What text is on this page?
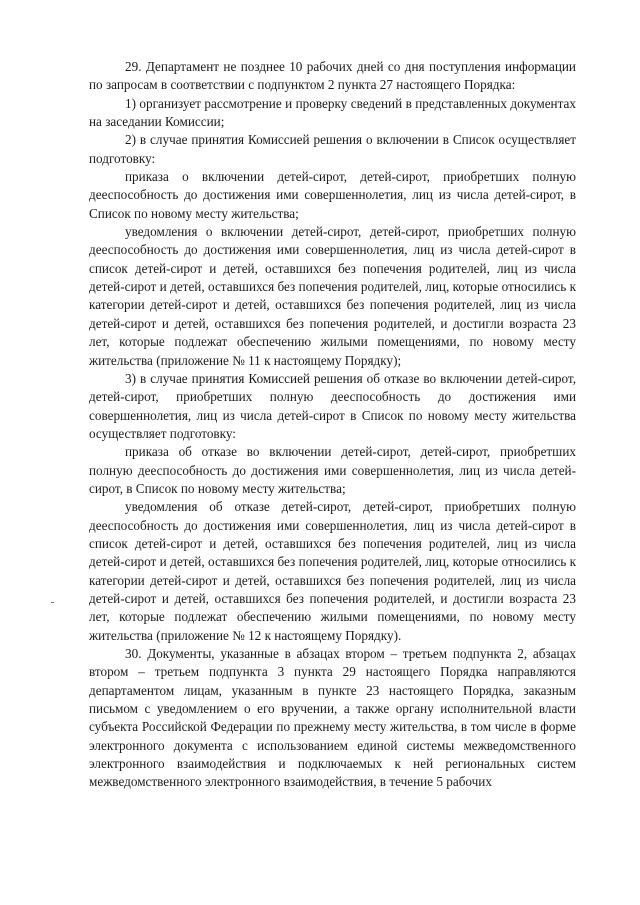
29. Департамент не позднее 10 рабочих дней со дня поступления информации по запросам в соответствии с подпунктом 2 пункта 27 настоящего Порядка:

1) организует рассмотрение и проверку сведений в представленных документах на заседании Комиссии;

2) в случае принятия Комиссией решения о включении в Список осуществляет подготовку:

приказа о включении детей-сирот, детей-сирот, приобретших полную дееспособность до достижения ими совершеннолетия, лиц из числа детей-сирот, в Список по новому месту жительства;

уведомления о включении детей-сирот, детей-сирот, приобретших полную дееспособность до достижения ими совершеннолетия, лиц из числа детей-сирот в список детей-сирот и детей, оставшихся без попечения родителей, лиц из числа детей-сирот и детей, оставшихся без попечения родителей, лиц, которые относились к категории детей-сирот и детей, оставшихся без попечения родителей, лиц из числа детей-сирот и детей, оставшихся без попечения родителей, и достигли возраста 23 лет, которые подлежат обеспечению жилыми помещениями, по новому месту жительства (приложение № 11 к настоящему Порядку);

3) в случае принятия Комиссией решения об отказе во включении детей-сирот, детей-сирот, приобретших полную дееспособность до достижения ими совершеннолетия, лиц из числа детей-сирот в Список по новому месту жительства осуществляет подготовку:

приказа об отказе во включении детей-сирот, детей-сирот, приобретших полную дееспособность до достижения ими совершеннолетия, лиц из числа детей-сирот, в Список по новому месту жительства;

уведомления об отказе детей-сирот, детей-сирот, приобретших полную дееспособность до достижения ими совершеннолетия, лиц из числа детей-сирот в список детей-сирот и детей, оставшихся без попечения родителей, лиц из числа детей-сирот и детей, оставшихся без попечения родителей, лиц, которые относились к категории детей-сирот и детей, оставшихся без попечения родителей, лиц из числа детей-сирот и детей, оставшихся без попечения родителей, и достигли возраста 23 лет, которые подлежат обеспечению жилыми помещениями, по новому месту жительства (приложение № 12 к настоящему Порядку).

30. Документы, указанные в абзацах втором – третьем подпункта 2, абзацах втором – третьем подпункта 3 пункта 29 настоящего Порядка направляются департаментом лицам, указанным в пункте 23 настоящего Порядка, заказным письмом с уведомлением о его вручении, а также органу исполнительной власти субъекта Российской Федерации по прежнему месту жительства, в том числе в форме электронного документа с использованием единой системы межведомственного электронного взаимодействия и подключаемых к ней региональных систем межведомственного электронного взаимодействия, в течение 5 рабочих
